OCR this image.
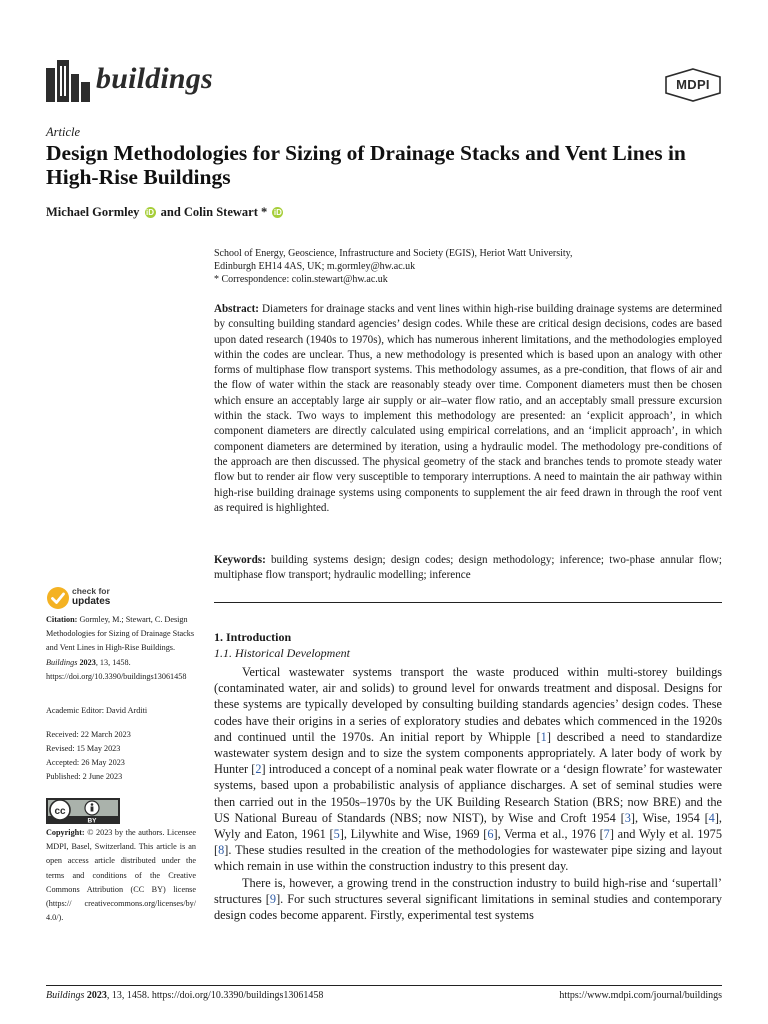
buildings	MDPI
Article
Design Methodologies for Sizing of Drainage Stacks and Vent Lines in High-Rise Buildings
Michael Gormley iD and Colin Stewart * iD
School of Energy, Geoscience, Infrastructure and Society (EGIS), Heriot Watt University,
Edinburgh EH14 4AS, UK; m.gormley@hw.ac.uk
* Correspondence: colin.stewart@hw.ac.uk
Abstract: Diameters for drainage stacks and vent lines within high-rise building drainage systems are determined by consulting building standard agencies’ design codes. While these are critical design decisions, codes are based upon dated research (1940s to 1970s), which has numerous inherent limitations, and the methodologies employed within the codes are unclear. Thus, a new methodology is presented which is based upon an analogy with other forms of multiphase flow transport systems. This methodology assumes, as a pre-condition, that flows of air and the flow of water within the stack are reasonably steady over time. Component diameters must then be chosen which ensure an acceptably large air supply or air–water flow ratio, and an acceptably small pressure excursion within the stack. Two ways to implement this methodology are presented: an ‘explicit approach’, in which component diameters are directly calculated using empirical correlations, and an ‘implicit approach’, in which component diameters are determined by iteration, using a hydraulic model. The methodology pre-conditions of the approach are then discussed. The physical geometry of the stack and branches tends to promote steady water flow but to render air flow very susceptible to temporary interruptions. A need to maintain the air pathway within high-rise building drainage systems using components to supplement the air feed drawn in through the roof vent as required is highlighted.
Keywords: building systems design; design codes; design methodology; inference; two-phase annular flow; multiphase flow transport; hydraulic modelling; inference
check for
updates
Citation: Gormley, M.; Stewart, C. Design Methodologies for Sizing of Drainage Stacks and Vent Lines in High-Rise Buildings. Buildings 2023, 13, 1458. https://doi.org/10.3390/buildings13061458
Academic Editor: David Arditi
Received: 22 March 2023
Revised: 15 May 2023
Accepted: 26 May 2023
Published: 2 June 2023
cc
BY
Copyright: © 2023 by the authors. Licensee MDPI, Basel, Switzerland. This article is an open access article distributed under the terms and conditions of the Creative Commons Attribution (CC BY) license (https:// creativecommons.org/licenses/by/ 4.0/).
1. Introduction
1.1. Historical Development

Vertical wastewater systems transport the waste produced within multi-storey buildings (contaminated water, air and solids) to ground level for onwards treatment and disposal. Designs for these systems are typically developed by consulting building standards agencies’ design codes. These codes have their origins in a series of exploratory studies and debates which commenced in the 1920s and continued until the 1970s. An initial report by Whipple [1] described a need to standardize wastewater system design and to size the system components appropriately. A later body of work by Hunter [2] introduced a concept of a nominal peak water flowrate or a ‘design flowrate’ for wastewater systems, based upon a probabilistic analysis of appliance discharges. A set of seminal studies were then carried out in the 1950s–1970s by the UK Building Research Station (BRS; now BRE) and the US National Bureau of Standards (NBS; now NIST), by Wise and Croft 1954 [3], Wise, 1954 [4], Wyly and Eaton, 1961 [5], Lilywhite and Wise, 1969 [6], Verma et al., 1976 [7] and Wyly et al. 1975 [8]. These studies resulted in the creation of the methodologies for wastewater pipe sizing and layout which remain in use within the construction industry to this present day.

There is, however, a growing trend in the construction industry to build high-rise and ‘supertall’ structures [9]. For such structures several significant limitations in seminal studies and contemporary design codes become apparent. Firstly, experimental test systems

Buildings 2023, 13, 1458. https://doi.org/10.3390/buildings13061458	https://www.mdpi.com/journal/buildings
